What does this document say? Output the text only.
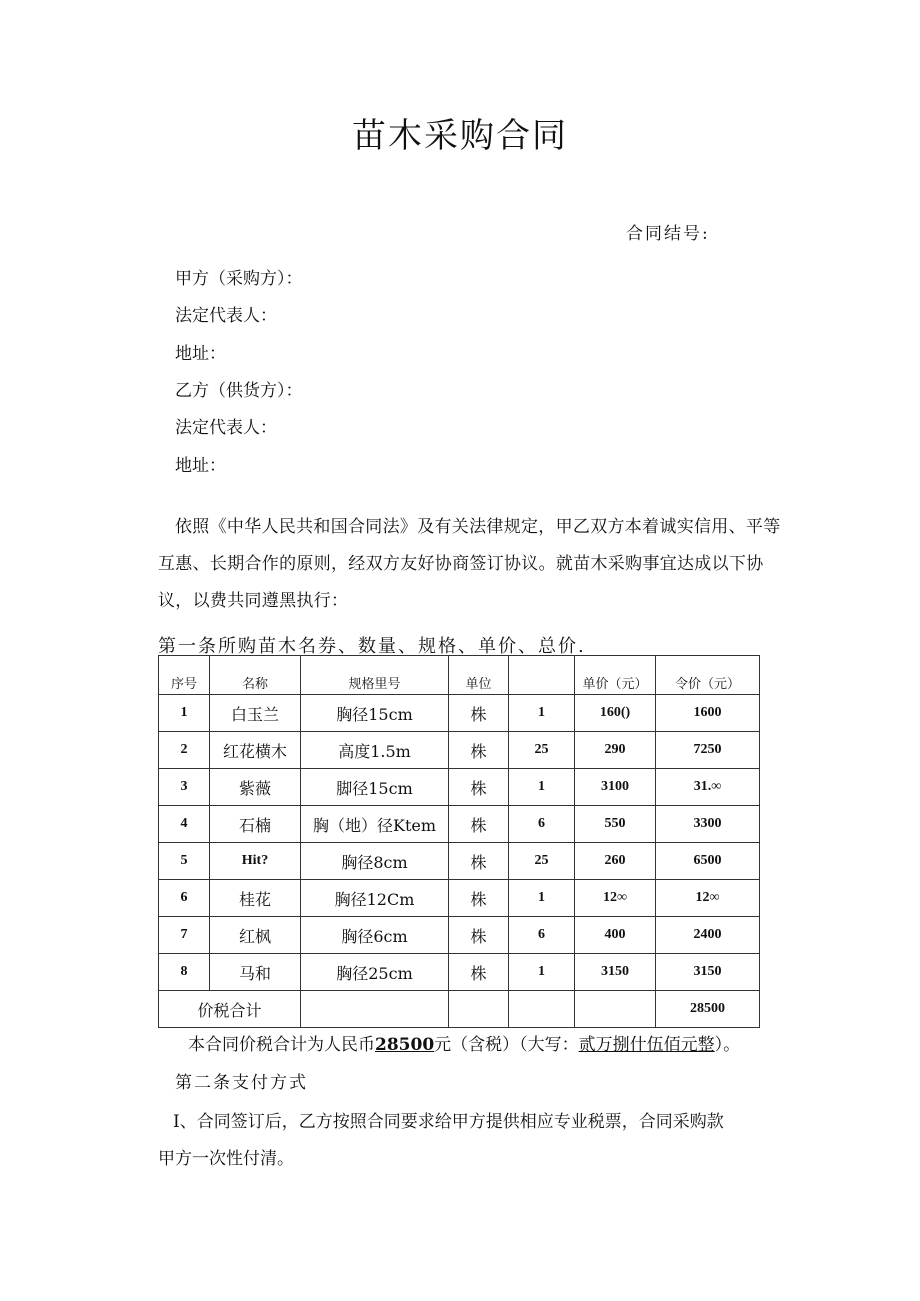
苗木采购合同
合同结号:
甲方（采购方）：
法定代表人：
地址：
乙方（供货方）：
法定代表人：
地址：
依照《中华人民共和国合同法》及有关法律规定，甲乙双方本着诚实信用、平等互惠、长期合作的原则，经双方友好协商签订协议。就苗木采购事宜达成以下协议，以费共同遵黑执行：
第一条所购苗木名券、数量、规格、单价、总价.
序号	名称	规格里号	单位		单价（元）	令价（元）
1	白玉兰	胸径15cm	株	1	160()	1600
2	红花横木	高度1.5m	株	25	290	7250
3	紫薇	脚径15cm	株	1	3100	31.∞
4	石楠	胸（地）径Ktem	株	6	550	3300
5	Hit?	胸径8cm	株	25	260	6500
6	桂花	胸径12Cm	株	1	12∞	12∞
7	红枫	胸径6cm	株	6	400	2400
8	马和	胸径25cm	株	1	3150	3150
价税合计						28500
本合同价税合计为人民币28500元（含税）（大写：贰万捌什伍佰元整）。
第二条支付方式
I、合同签订后，乙方按照合同要求给甲方提供相应专业税票，合同采购款
甲方一次性付清。
